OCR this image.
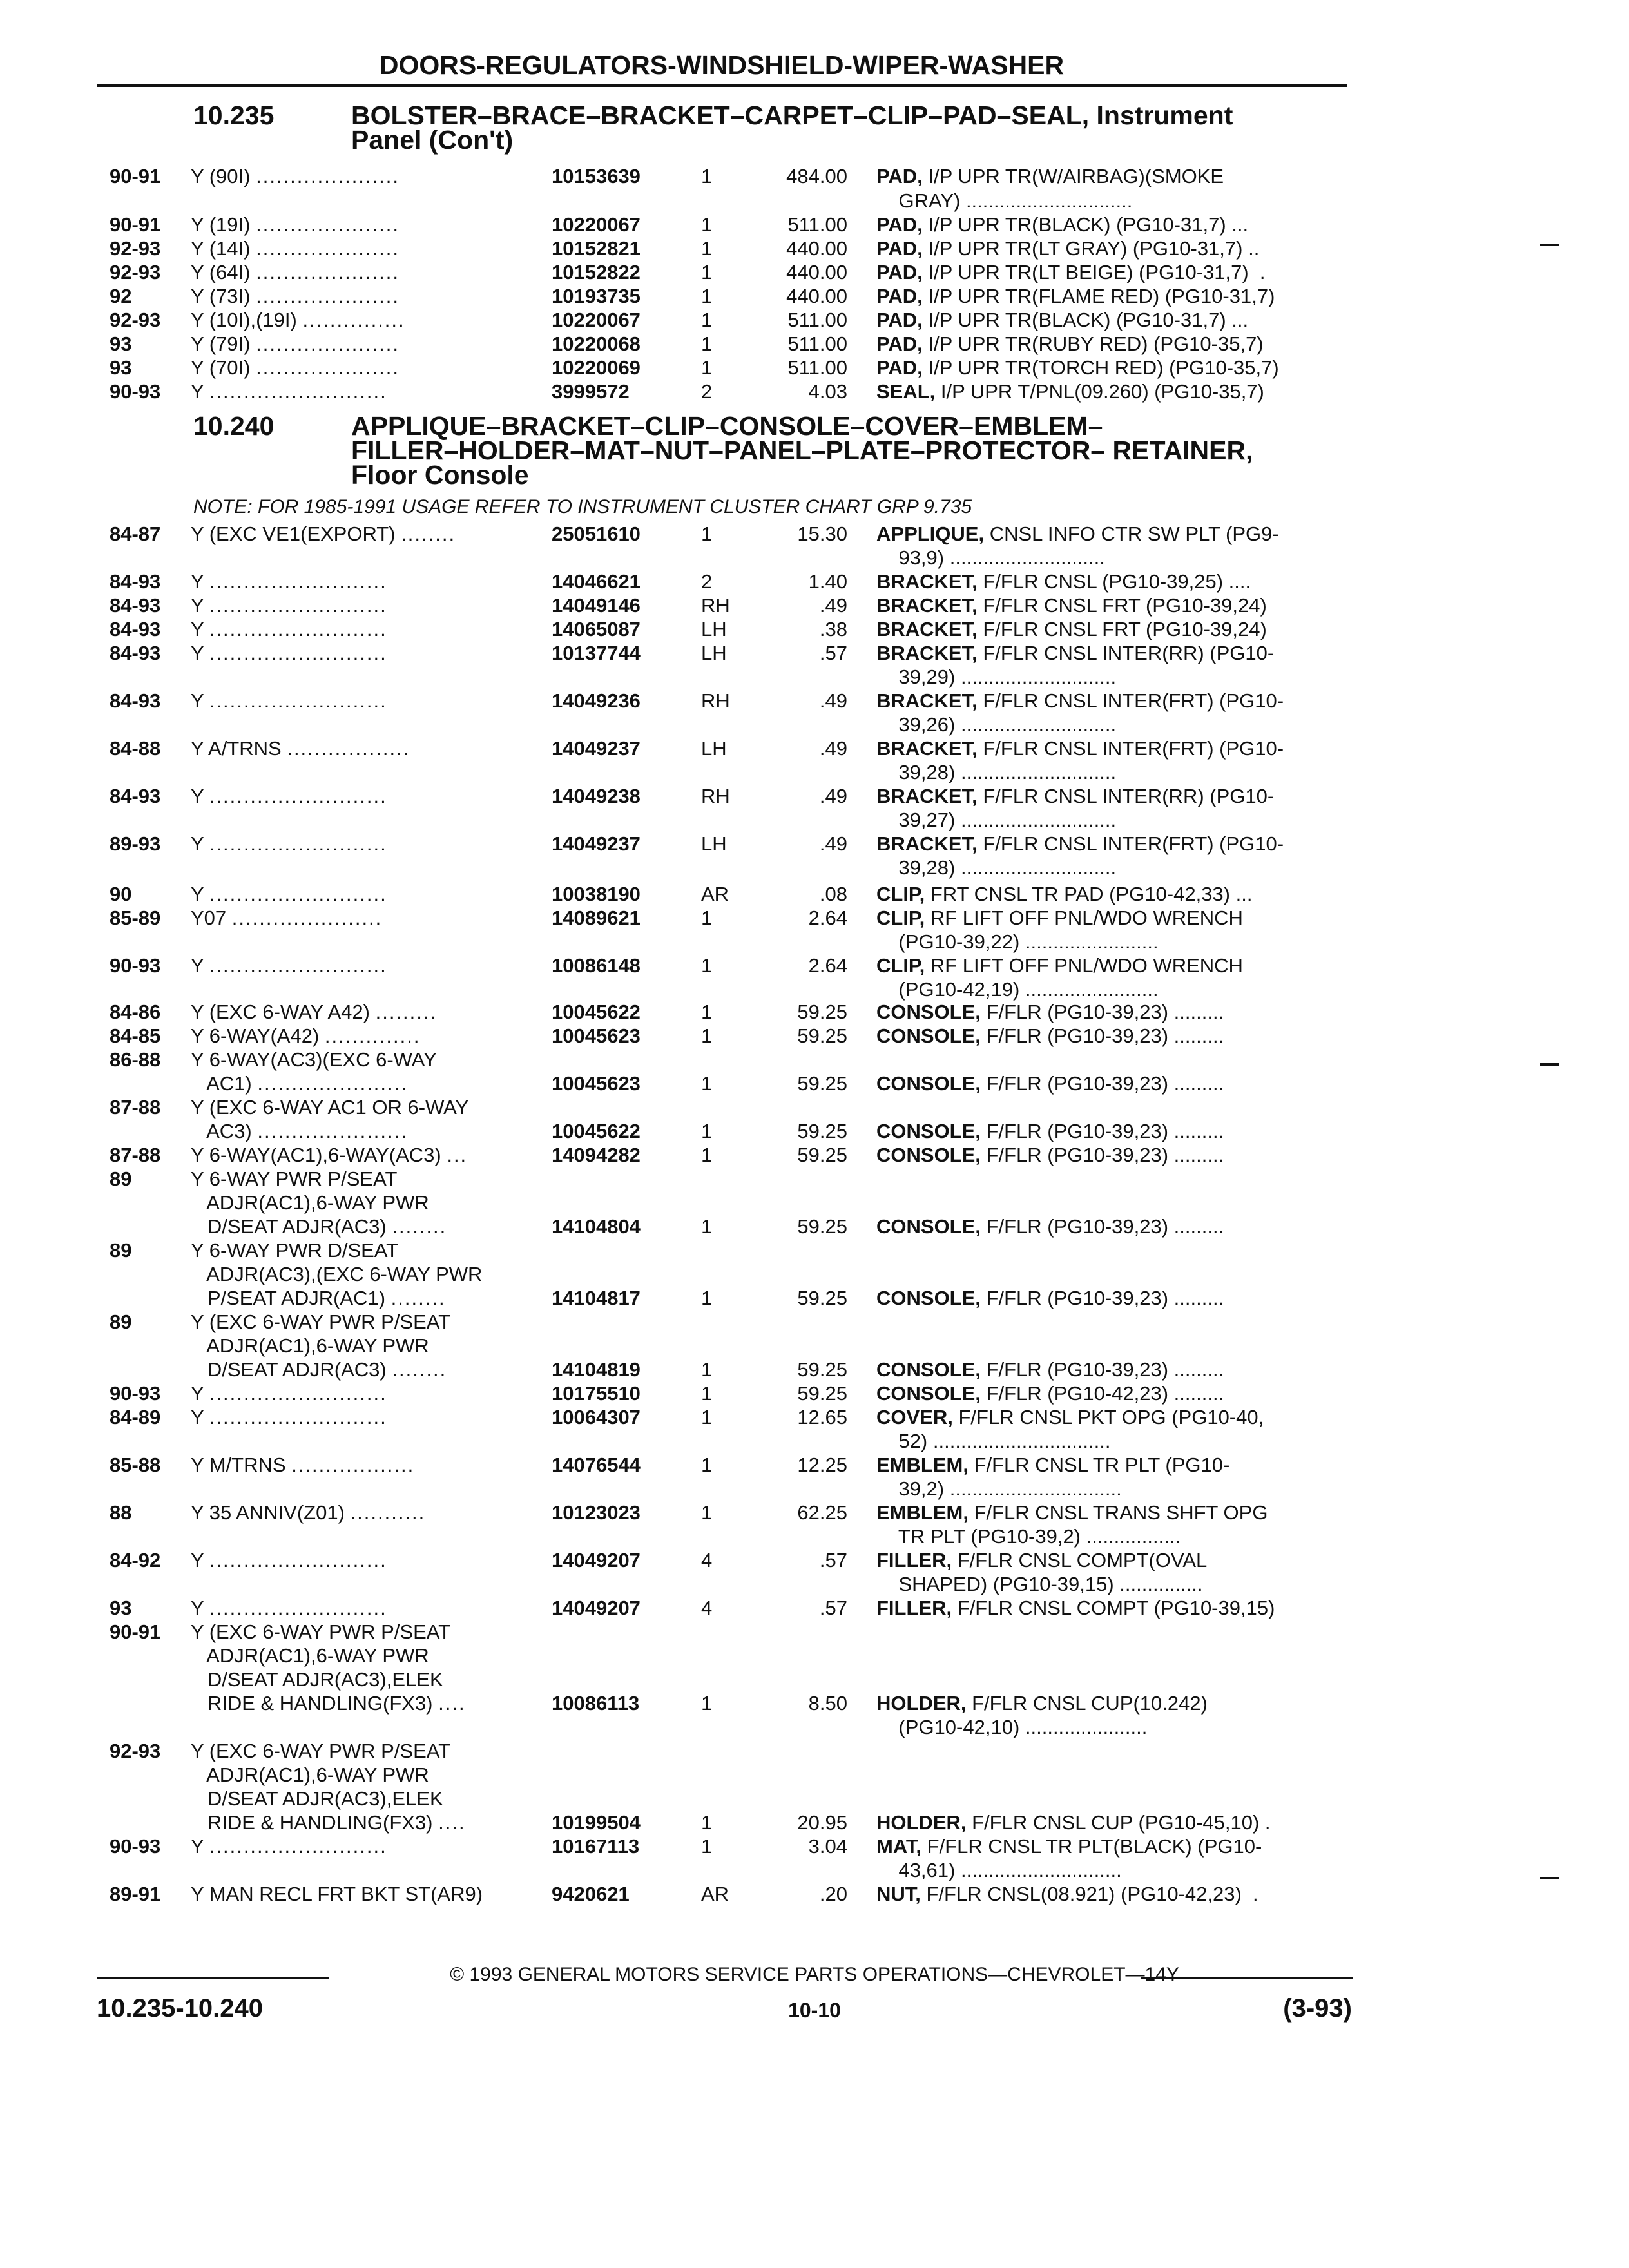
DOORS-REGULATORS-WINDSHIELD-WIPER-WASHER
10.235	BOLSTER–BRACE–BRACKET–CARPET–CLIP–PAD–SEAL, Instrument
Panel (Con't)
10.240	APPLIQUE–BRACKET–CLIP–CONSOLE–COVER–EMBLEM–
FILLER–HOLDER–MAT–NUT–PANEL–PLATE–PROTECTOR– RETAINER,
Floor Console
NOTE: FOR 1985-1991 USAGE REFER TO INSTRUMENT CLUSTER CHART GRP 9.735
90-91 Y (90I) .....................	10153639	1	484.00 PAD, I/P UPR TR(W/AIRBAG)(SMOKE

GRAY) ..............................
90-91 Y (19I) .....................	10220067	1	511.00 PAD, I/P UPR TR(BLACK) (PG10-31,7) ...
92-93 Y (14I) .....................	10152821	1	440.00 PAD, I/P UPR TR(LT GRAY) (PG10-31,7) ..
92-93 Y (64I) .....................	10152822	1	440.00 PAD, I/P UPR TR(LT BEIGE) (PG10-31,7)  .
92	Y (73I) .....................	10193735	1	440.00 PAD, I/P UPR TR(FLAME RED) (PG10-31,7)
92-93 Y (10I),(19I) ...............	10220067	1	511.00 PAD, I/P UPR TR(BLACK) (PG10-31,7) ...
93	Y (79I) .....................	10220068	1	511.00 PAD, I/P UPR TR(RUBY RED) (PG10-35,7)
93	Y (70I) .....................	10220069	1	511.00 PAD, I/P UPR TR(TORCH RED) (PG10-35,7)
90-93 Y ..........................	3999572	2	4.03 SEAL, I/P UPR T/PNL(09.260) (PG10-35,7)
84-87 Y (EXC VE1(EXPORT) ........	25051610	1	15.30 APPLIQUE, CNSL INFO CTR SW PLT (PG9-

93,9) ............................
84-93 Y ..........................	14046621	2	1.40 BRACKET, F/FLR CNSL (PG10-39,25) ....
84-93 Y ..........................	14049146	RH	.49 BRACKET, F/FLR CNSL FRT (PG10-39,24)
84-93 Y ..........................	14065087	LH	.38 BRACKET, F/FLR CNSL FRT (PG10-39,24)
84-93 Y ..........................	10137744	LH	.57 BRACKET, F/FLR CNSL INTER(RR) (PG10-

39,29) ............................
84-93 Y ..........................	14049236	RH	.49 BRACKET, F/FLR CNSL INTER(FRT) (PG10-

39,26) ............................
84-88 Y A/TRNS ..................	14049237	LH	.49 BRACKET, F/FLR CNSL INTER(FRT) (PG10-

39,28) ............................
84-93 Y ..........................	14049238	RH	.49 BRACKET, F/FLR CNSL INTER(RR) (PG10-

39,27) ............................
89-93 Y ..........................	14049237	LH	.49 BRACKET, F/FLR CNSL INTER(FRT) (PG10-

39,28) ............................
90	Y ..........................	10038190	AR	.08 CLIP, FRT CNSL TR PAD (PG10-42,33) ...
85-89 Y07 ......................	14089621	1	2.64 CLIP, RF LIFT OFF PNL/WDO WRENCH

(PG10-39,22) ........................
90-93 Y ..........................	10086148	1	2.64 CLIP, RF LIFT OFF PNL/WDO WRENCH

(PG10-42,19) ........................
84-86 Y (EXC 6-WAY A42) .........	10045622	1	59.25 CONSOLE, F/FLR (PG10-39,23) .........
84-85 Y 6-WAY(A42) ..............	10045623	1	59.25 CONSOLE, F/FLR (PG10-39,23) .........
86-88 Y 6-WAY(AC3)(EXC 6-WAY
AC1) ......................	10045623	1	59.25 CONSOLE, F/FLR (PG10-39,23) .........
87-88 Y (EXC 6-WAY AC1 OR 6-WAY
AC3) ......................	10045622	1	59.25 CONSOLE, F/FLR (PG10-39,23) .........
87-88 Y 6-WAY(AC1),6-WAY(AC3) ...	14094282	1	59.25 CONSOLE, F/FLR (PG10-39,23) .........
89	Y 6-WAY PWR P/SEAT
ADJR(AC1),6-WAY PWR
D/SEAT ADJR(AC3) ........	14104804	1	59.25 CONSOLE, F/FLR (PG10-39,23) .........
89	Y 6-WAY PWR D/SEAT
ADJR(AC3),(EXC 6-WAY PWR
P/SEAT ADJR(AC1) ........	14104817	1	59.25 CONSOLE, F/FLR (PG10-39,23) .........
89	Y (EXC 6-WAY PWR P/SEAT
ADJR(AC1),6-WAY PWR
D/SEAT ADJR(AC3) ........	14104819	1	59.25 CONSOLE, F/FLR (PG10-39,23) .........
90-93 Y ..........................	10175510	1	59.25 CONSOLE, F/FLR (PG10-42,23) .........
84-89 Y ..........................	10064307	1	12.65 COVER, F/FLR CNSL PKT OPG (PG10-40,

52) ................................
85-88 Y M/TRNS ..................	14076544	1	12.25 EMBLEM, F/FLR CNSL TR PLT (PG10-

39,2) ...............................
88	Y 35 ANNIV(Z01) ...........	10123023	1	62.25 EMBLEM, F/FLR CNSL TRANS SHFT OPG

TR PLT (PG10-39,2) .................
84-92 Y ..........................	14049207	4	.57 FILLER, F/FLR CNSL COMPT(OVAL

SHAPED) (PG10-39,15) ...............
93	Y ..........................	14049207	4	.57 FILLER, F/FLR CNSL COMPT (PG10-39,15)
90-91 Y (EXC 6-WAY PWR P/SEAT
ADJR(AC1),6-WAY PWR
D/SEAT ADJR(AC3),ELEK
RIDE & HANDLING(FX3) ....	10086113	1	8.50 HOLDER, F/FLR CNSL CUP(10.242)

(PG10-42,10) ......................
92-93 Y (EXC 6-WAY PWR P/SEAT
ADJR(AC1),6-WAY PWR
D/SEAT ADJR(AC3),ELEK
RIDE & HANDLING(FX3) ....	10199504	1	20.95 HOLDER, F/FLR CNSL CUP (PG10-45,10) .
90-93 Y ..........................	10167113	1	3.04 MAT, F/FLR CNSL TR PLT(BLACK) (PG10-

43,61) .............................
89-91 Y MAN RECL FRT BKT ST(AR9)	9420621	AR	.20 NUT, F/FLR CNSL(08.921) (PG10-42,23)  .
© 1993 GENERAL MOTORS SERVICE PARTS OPERATIONS—CHEVROLET—14Y
10.235-10.240	10-10	(3-93)
